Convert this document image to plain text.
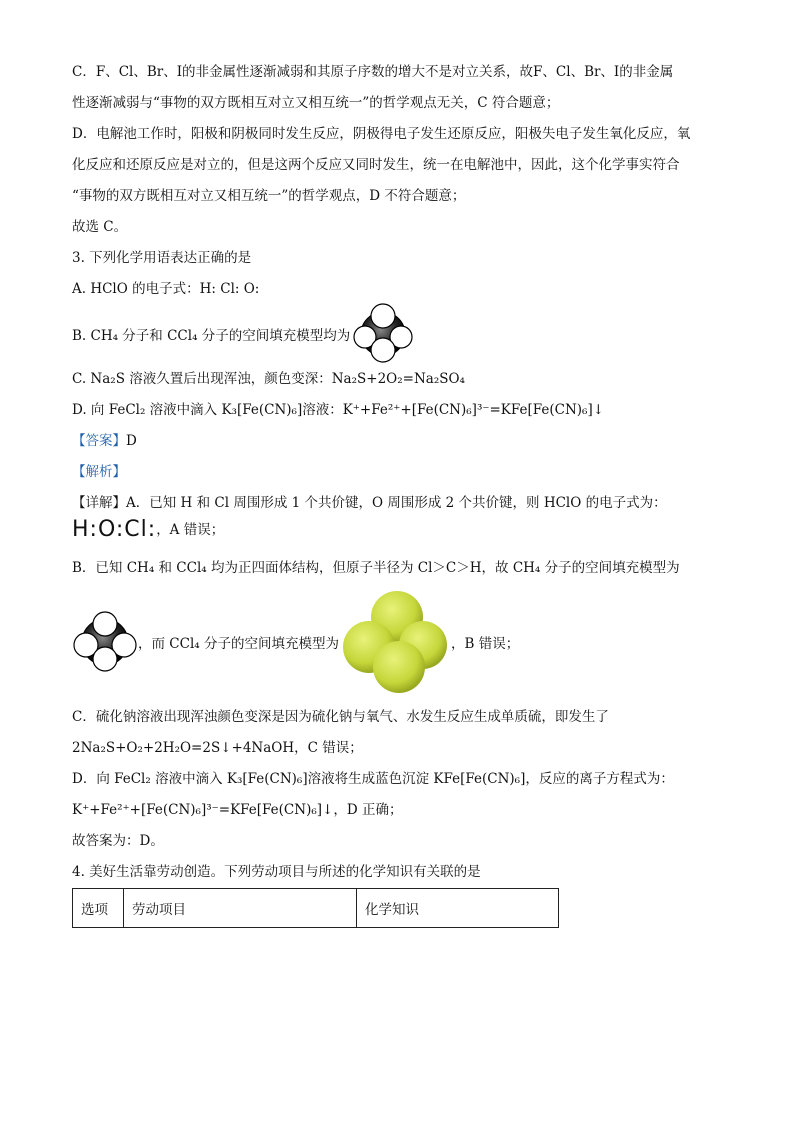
C．F、Cl、Br、I的非金属性逐渐减弱和其原子序数的增大不是对立关系，故F、Cl、Br、I的非金属
性逐渐减弱与“事物的双方既相互对立又相互统一”的哲学观点无关，C 符合题意；
D．电解池工作时，阳极和阴极同时发生反应，阴极得电子发生还原反应，阳极失电子发生氧化反应，氧
化反应和还原反应是对立的，但是这两个反应又同时发生，统一在电解池中，因此，这个化学事实符合
“事物的双方既相互对立又相互统一”的哲学观点，D 不符合题意；
故选 C。
3. 下列化学用语表达正确的是
A. HClO 的电子式：H: Cl: O:
B. CH₄ 分子和 CCl₄ 分子的空间填充模型均为
C. Na₂S 溶液久置后出现浑浊，颜色变深：Na₂S+2O₂=Na₂SO₄
D. 向 FeCl₂ 溶液中滴入 K₃[Fe(CN)₆]溶液：K⁺+Fe²⁺+[Fe(CN)₆]³⁻=KFe[Fe(CN)₆]↓
【答案】D
【解析】
【详解】A．已知 H 和 Cl 周围形成 1 个共价键，O 周围形成 2 个共价键，则 HClO 的电子式为：
H:O:Cl: ，A 错误；
B．已知 CH₄ 和 CCl₄ 均为正四面体结构，但原子半径为 Cl＞C＞H，故 CH₄ 分子的空间填充模型为
，而 CCl₄ 分子的空间填充模型为	，B 错误；
C．硫化钠溶液出现浑浊颜色变深是因为硫化钠与氧气、水发生反应生成单质硫，即发生了
2Na₂S+O₂+2H₂O=2S↓+4NaOH，C 错误；
D．向 FeCl₂ 溶液中滴入 K₃[Fe(CN)₆]溶液将生成蓝色沉淀 KFe[Fe(CN)₆]，反应的离子方程式为：
K⁺+Fe²⁺+[Fe(CN)₆]³⁻=KFe[Fe(CN)₆]↓，D 正确；
故答案为：D。
4. 美好生活靠劳动创造。下列劳动项目与所述的化学知识有关联的是
选项	劳动项目	化学知识
